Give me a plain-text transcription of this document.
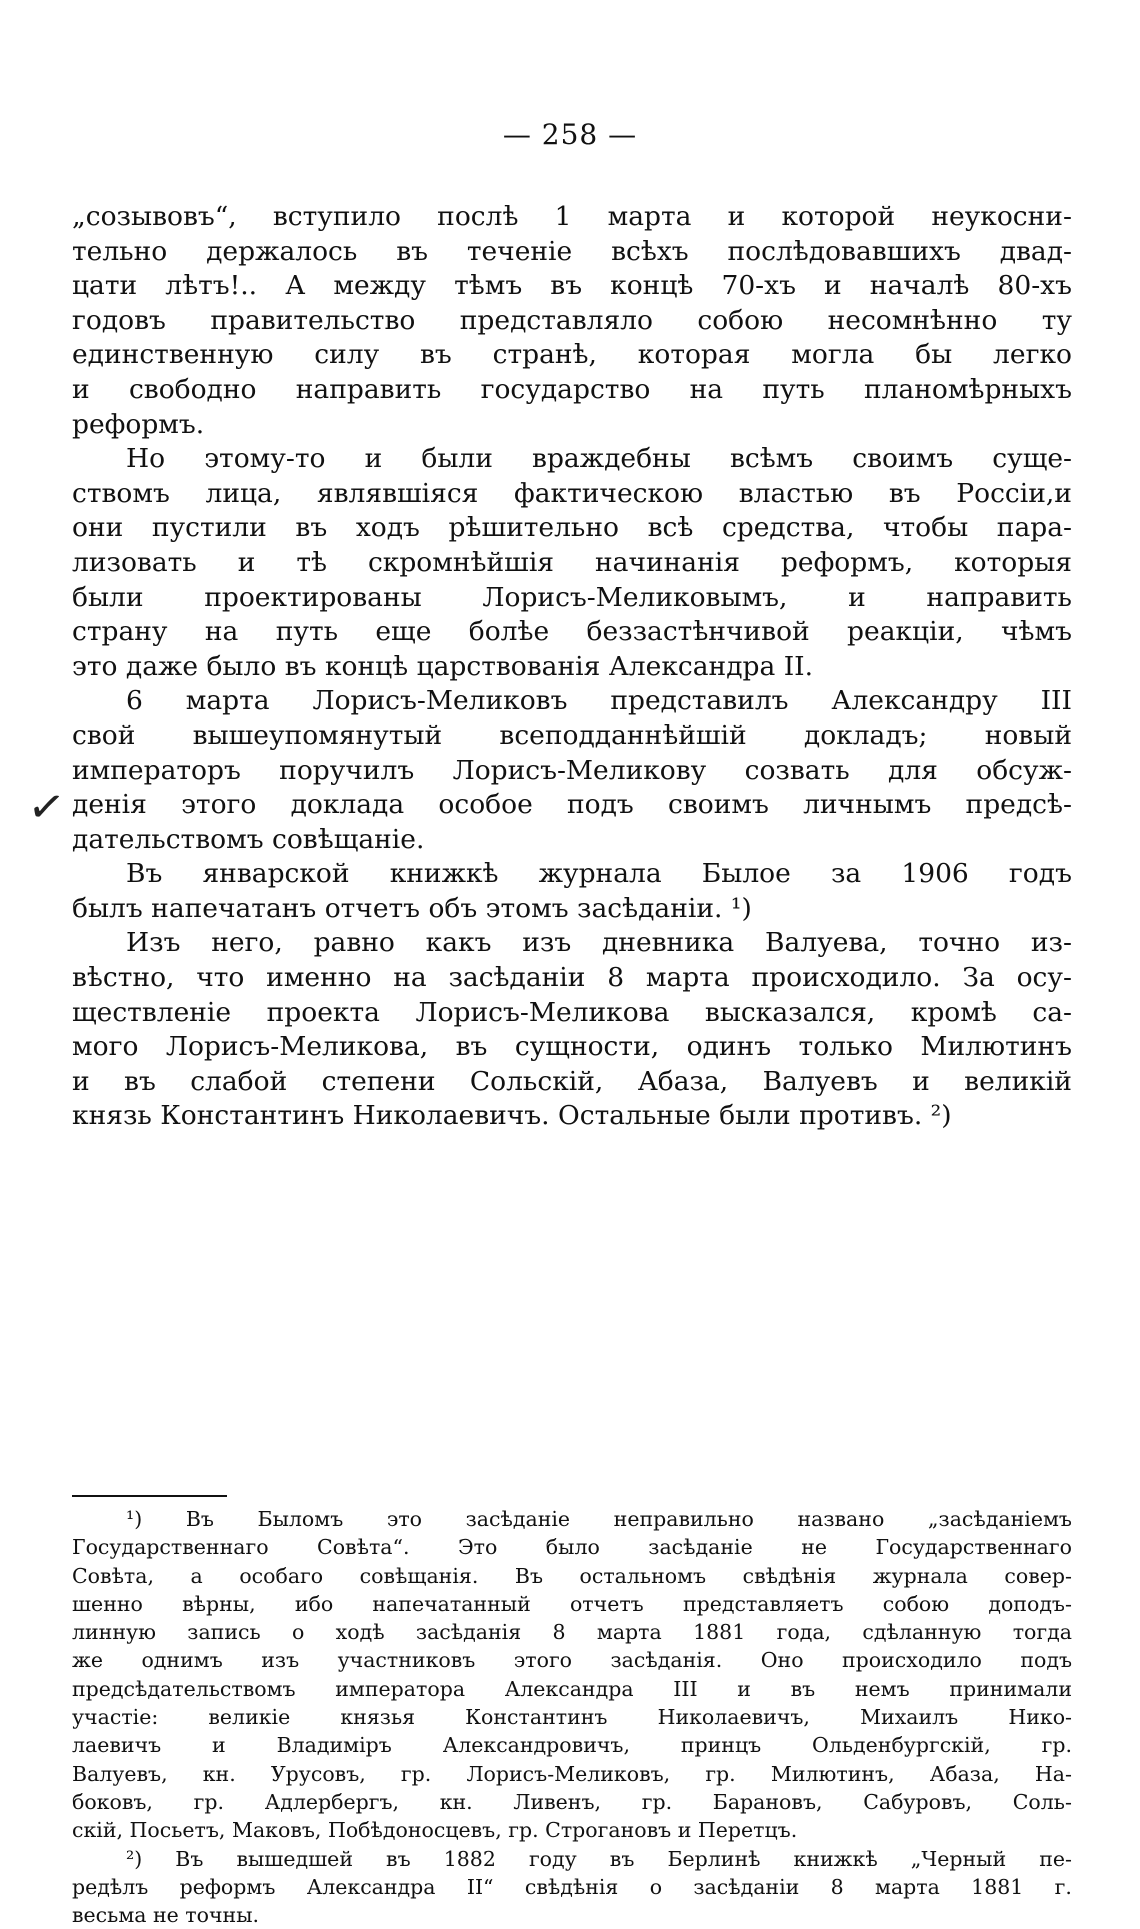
— 258 —
✓
„созывовъ“, вступило послѣ 1 марта и которой неукосни-
тельно держалось въ теченіе всѣхъ послѣдовавшихъ двад-
цати лѣтъ!.. А между тѣмъ въ концѣ 70-хъ и началѣ 80-хъ
годовъ правительство представляло собою несомнѣнно ту
единственную силу въ странѣ, которая могла бы легко
и свободно направить государство на путь планомѣрныхъ
реформъ.
Но этому-то и были враждебны всѣмъ своимъ суще-
ствомъ лица, являвшіяся фактическою властью въ Россіи,и
они пустили въ ходъ рѣшительно всѣ средства, чтобы пара-
лизовать и тѣ скромнѣйшія начинанія реформъ, которыя
были проектированы Лорисъ-Меликовымъ, и направить
страну на путь еще болѣе беззастѣнчивой реакціи, чѣмъ
это даже было въ концѣ царствованія Александра II.
6 марта Лорисъ-Меликовъ представилъ Александру III
свой вышеупомянутый всеподданнѣйшій докладъ; новый
императоръ поручилъ Лорисъ-Меликову созвать для обсуж-
денія этого доклада особое подъ своимъ личнымъ предсѣ-
дательствомъ совѣщаніе.
Въ январской книжкѣ журнала Былое за 1906 годъ
былъ напечатанъ отчетъ объ этомъ засѣданіи. ¹)
Изъ него, равно какъ изъ дневника Валуева, точно из-
вѣстно, что именно на засѣданіи 8 марта происходило. За осу-
ществленіе проекта Лорисъ-Меликова высказался, кромѣ са-
мого Лорисъ-Меликова, въ сущности, одинъ только Милютинъ
и въ слабой степени Сольскій, Абаза, Валуевъ и великій
князь Константинъ Николаевичъ. Остальные были противъ. ²)
¹) Въ Быломъ это засѣданіе неправильно названо „засѣданіемъ
Государственнаго Совѣта“. Это было засѣданіе не Государственнаго
Совѣта, а особаго совѣщанія. Въ остальномъ свѣдѣнія журнала совер-
шенно вѣрны, ибо напечатанный отчетъ представляетъ собою доподъ-
линную запись о ходѣ засѣданія 8 марта 1881 года, сдѣланную тогда
же однимъ изъ участниковъ этого засѣданія. Оно происходило подъ
предсѣдательствомъ императора Александра III и въ немъ принимали
участіе: великіе князья Константинъ Николаевичъ, Михаилъ Нико-
лаевичъ и Владиміръ Александровичъ, принцъ Ольденбургскій, гр.
Валуевъ, кн. Урусовъ, гр. Лорисъ-Меликовъ, гр. Милютинъ, Абаза, На-
боковъ, гр. Адлербергъ, кн. Ливенъ, гр. Барановъ, Сабуровъ, Соль-
скій, Посьетъ, Маковъ, Побѣдоносцевъ, гр. Строгановъ и Перетцъ.
²) Въ вышедшей въ 1882 году въ Берлинѣ книжкѣ „Черный пе-
редѣлъ реформъ Александра II“ свѣдѣнія о засѣданіи 8 марта 1881 г.
весьма не точны.
